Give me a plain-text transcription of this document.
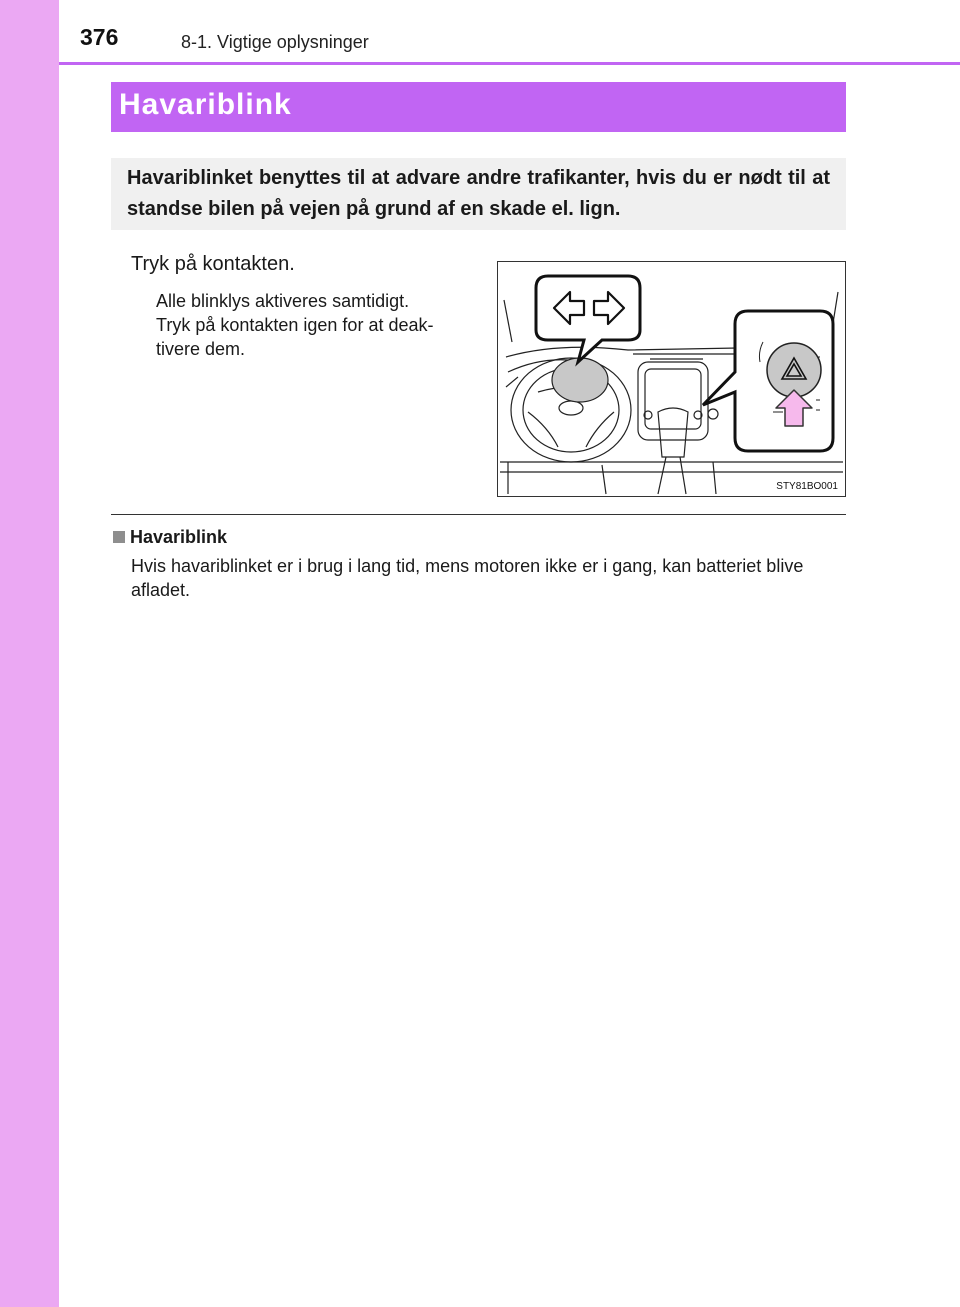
376	8-1. Vigtige oplysninger
Havariblink
Havariblinket benyttes til at advare andre trafikanter, hvis du er nødt til at standse bilen på vejen på grund af en skade el. lign.
Tryk på kontakten.
Alle blinklys aktiveres samtidigt.
Tryk på kontakten igen for at deak-
tivere dem.
STY81BO001
Havariblink
Hvis havariblinket er i brug i lang tid, mens motoren ikke er i gang, kan batteriet blive afladet.
